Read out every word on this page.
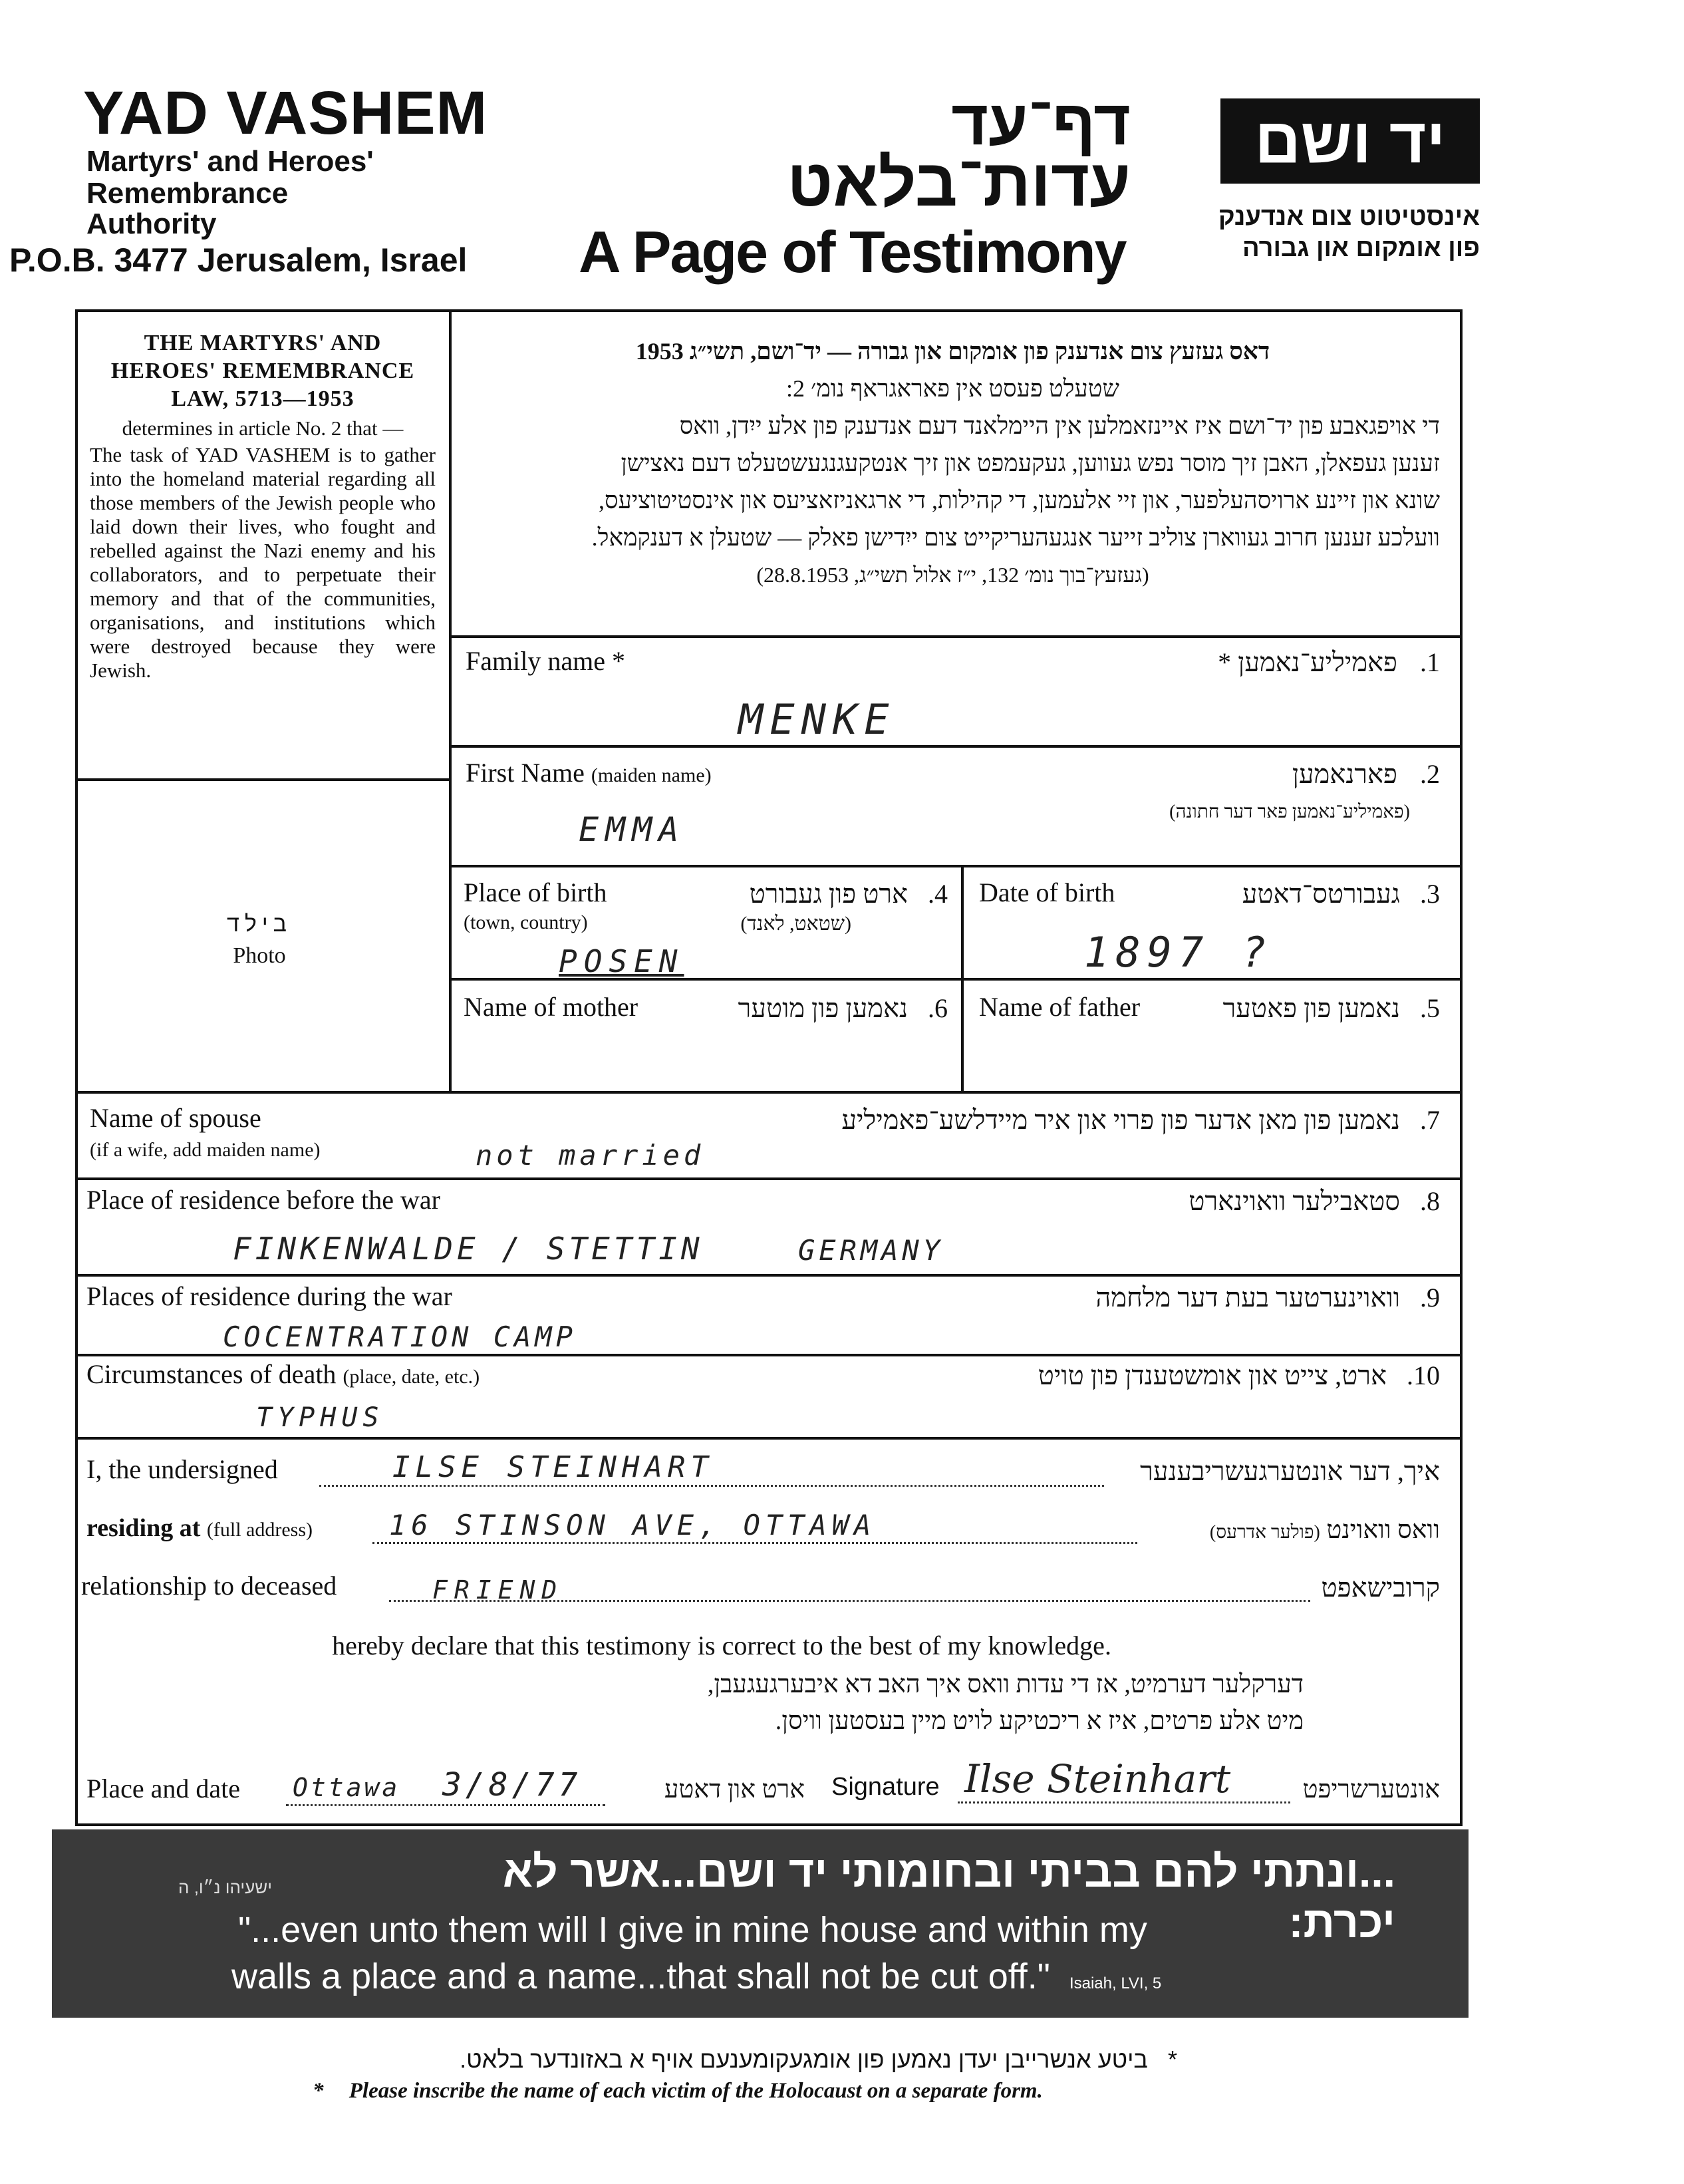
YAD VASHEM
Martyrs' and Heroes'
Remembrance
Authority
P.O.B. 3477 Jerusalem, Israel
דף־עד
עדות־בלאט
A Page of Testimony
יד ושם
אינסטיטוט צום אנדענק
פון אומקום און גבורה
THE MARTYRS' AND HEROES' REMEMBRANCE LAW, 5713—1953
determines in article No. 2 that —
The task of YAD VASHEM is to gather into the homeland material regarding all those members of the Jewish people who laid down their lives, who fought and rebelled against the Nazi enemy and his collaborators, and to perpetuate their memory and that of the communities, organisations, and institutions which were destroyed because they were Jewish.
בילד
Photo
דאס געזעץ צום אנדענק פון אומקום און גבורה — יד־ושם, תשי״ג 1953
שטעלט פעסט אין פאראגראף נומ׳ 2:
די אויפגאבע פון יד־ושם איז איינזאמלען אין היימלאנד דעם אנדענק פון אלע ייִדן, וואס
זענען געפאלן, האבן זיך מוסר נפש געווען, געקעמפט און זיך אנטקעגנגעשטעלט דעם נאצישן
שונא און זיינע ארויסהעלפער, און זיי אלעמען, די קהילות, די ארגאניזאציעס און אינסטיטוציעס,
וועלכע זענען חרוב געווארן צוליב זייער אנגעהעריקייט צום ייִדישן פאלק — שטעלן א דענקמאל.
(געזעץ־בוך נומ׳ 132, י״ז אלול תשי״ג, 28.8.1953)
Family name *	1. פאמיליע־נאמען *
MENKE
First Name (maiden name)	2. פארנאמען
(פאמיליע־נאמען פאר דער חתונה)
EMMA
Place of birth
(town, country)
4. ארט פון געבורט
(שטאט, לאנד)
POSEN
Date of birth	3. געבורטס־דאטע
1897 ?
Name of mother	6. נאמען פון מוטער	Name of father	5. נאמען פון פאטער
Name of spouse
(if a wife, add maiden name)
7. נאמען פון מאן אדער פון פרוי און איר מיידלשע־פאמיליע
not married
Place of residence before the war	8. סטאבילער וואוינארט
FINKENWALDE / STETTIN	GERMANY
Places of residence during the war	9. וואוינערטער בעת דער מלחמה
COCENTRATION CAMP
Circumstances of death (place, date, etc.)	10. ארט, צייט און אומשטענדן פון טויט
TYPHUS
I, the undersigned	ILSE STEINHART	איך, דער אונטערגעשריבענער
residing at (full address)	16 STINSON AVE, OTTAWA	וואס וואוינט (פולער אדרעס)
relationship to deceased	FRIEND	קרובישאפט
hereby declare that this testimony is correct to the best of my knowledge.
דערקלער דערמיט, אז די עדות וואס איך האב דא איבערגעגעבן,
מיט אלע פרטים, איז א ריכטיקע לויט מיין בעסטען וויסן.
Place and date Ottawa 3/8/77	ארט און דאטע Signature Ilse Steinhart	אונטערשריפט
ישעיהו נ״ו, ה	...ונתתי להם בביתי ובחומותי יד ושם...אשר לא יכרת:
"...even unto them will I give in mine house and within my
walls a place and a name...that shall not be cut off." Isaiah, LVI, 5
* ביטע אנשרייבן יעדן נאמען פון אומגעקומענעם אויף א באזונדער בלאט.
* Please inscribe the name of each victim of the Holocaust on a separate form.
